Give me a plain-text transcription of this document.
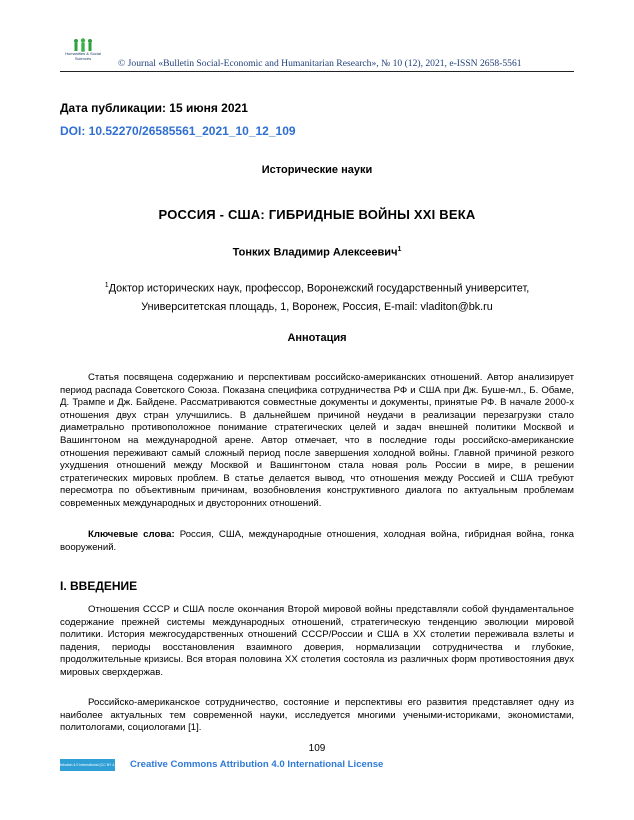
Humanities & Social Sciences	© Journal «Bulletin Social-Economic and Humanitarian Research», № 10 (12), 2021, e-ISSN 2658-5561
Дата публикации: 15 июня 2021
DOI: 10.52270/26585561_2021_10_12_109
Исторические науки
РОССИЯ - США: ГИБРИДНЫЕ ВОЙНЫ XXI ВЕКА
Тонких Владимир Алексеевич$^1$
$^1$Доктор исторических наук, профессор, Воронежский государственный университет,
Университетская площадь, 1, Воронеж, Россия, E-mail: vladiton@bk.ru
Аннотация
Статья посвящена содержанию и перспективам российско-американских отношений. Автор анализирует период распада Советского Союза. Показана специфика сотрудничества РФ и США при Дж. Буше-мл., Б. Обаме, Д. Трампе и Дж. Байдене. Рассматриваются совместные документы и документы, принятые РФ. В начале 2000-х отношения двух стран улучшились. В дальнейшем причиной неудачи в реализации перезагрузки стало диаметрально противоположное понимание стратегических целей и задач внешней политики Москвой и Вашингтоном на международной арене. Автор отмечает, что в последние годы российско-американские отношения переживают самый сложный период после завершения холодной войны. Главной причиной резкого ухудшения отношений между Москвой и Вашингтоном стала новая роль России в мире, в решении стратегических мировых проблем. В статье делается вывод, что отношения между Россией и США требуют пересмотра по объективным причинам, возобновления конструктивного диалога по актуальным проблемам современных международных и двусторонних отношений.
Ключевые слова: Россия, США, международные отношения, холодная война, гибридная война, гонка вооружений.
I. ВВЕДЕНИЕ
Отношения СССР и США после окончания Второй мировой войны представляли собой фундаментальное содержание прежней системы международных отношений, стратегическую тенденцию эволюции мировой политики. История межгосударственных отношений СССР/России и США в XX столетии переживала взлеты и падения, периоды восстановления взаимного доверия, нормализации сотрудничества и глубокие, продолжительные кризисы. Вся вторая половина XX столетия состояла из различных форм противостояния двух мировых сверхдержав.
Российско-американское сотрудничество, состояние и перспективы его развития представляет одну из наиболее актуальных тем современной науки, исследуется многими учеными-историками, экономистами, политологами, социологами [1].
109
Attribution 4.0 International (CC BY 4.0) Creative Commons Attribution 4.0 International License
